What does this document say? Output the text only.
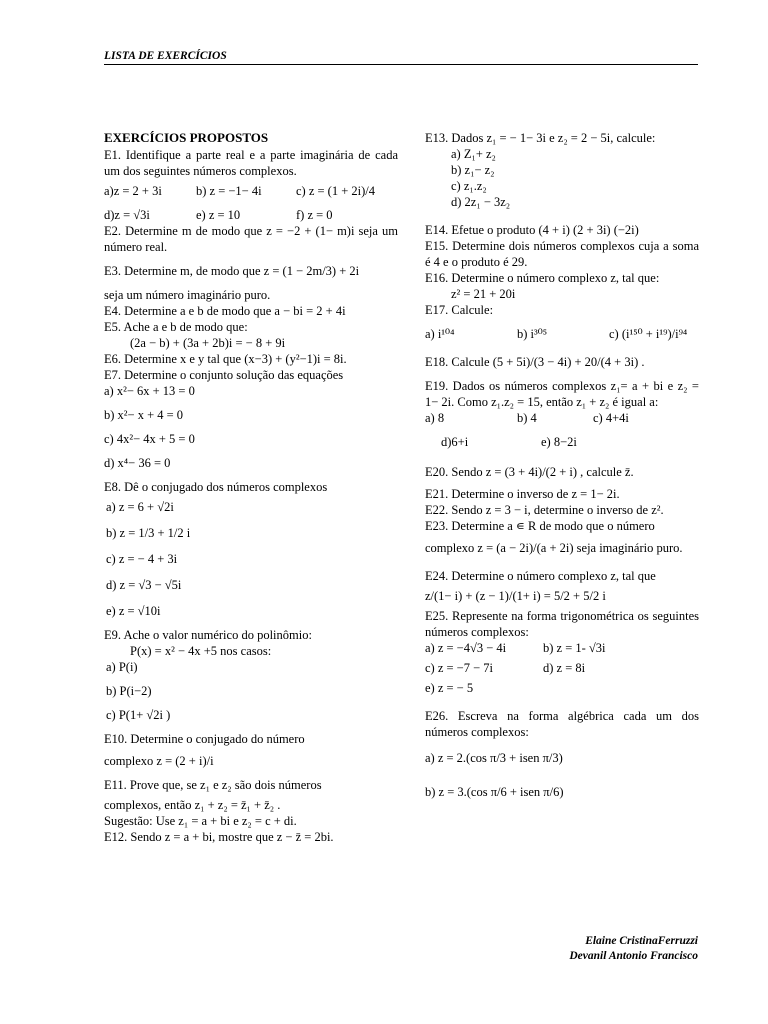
LISTA DE EXERCÍCIOS
EXERCÍCIOS PROPOSTOS
E1. Identifique a parte real e a parte imaginária de cada um dos seguintes números complexos.
a)z = 2 + 3i	b) z = −1− 4i	c) z = (1 + 2i)/4
d)z = √3i	e) z = 10	f) z = 0
E2. Determine m de modo que z = −2 + (1− m)i seja um número real.
E3. Determine m, de modo que z = (1 − 2m/3) + 2i
seja um número imaginário puro.
E4. Determine a e b de modo que a − bi = 2 + 4i
E5. Ache a e b de modo que:
(2a − b) + (3a + 2b)i = − 8 + 9i
E6. Determine x e y tal que (x−3) + (y²−1)i = 8i.
E7. Determine o conjunto solução das equações
a) x²− 6x + 13 = 0
b) x²− x + 4 = 0
c) 4x²− 4x + 5 = 0
d) x⁴− 36 = 0
E8. Dê o conjugado dos números complexos
a) z = 6 + √2i
b) z = 1/3 + 1/2 i
c) z = − 4 + 3i
d) z = √3 − √5i
e) z = √10i
E9. Ache o valor numérico do polinômio:
P(x) = x² − 4x +5 nos casos:
a) P(i)
b) P(i−2)
c) P(1+ √2i )
E10. Determine o conjugado do número
complexo z = (2 + i)/i
E11. Prove que, se z₁ e z₂ são dois números
complexos, então z₁ + z₂ = z̄₁ + z̄₂ .
Sugestão: Use z₁ = a + bi e z₂ = c + di.
E12. Sendo z = a + bi, mostre que z − z̄ = 2bi.
E13. Dados z₁ = − 1− 3i e z₂ = 2 − 5i, calcule:
a) Z₁+ z₂
b) z₁− z₂
c) z₁.z₂
d) 2z₁ − 3z₂
E14. Efetue o produto (4 + i) (2 + 3i) (−2i)
E15. Determine dois números complexos cuja a soma é 4 e o produto é 29.
E16. Determine o número complexo z, tal que:
z² = 21 + 20i
E17. Calcule:
a) i¹⁰⁴	b) i³⁰⁵	c) (i¹⁵⁰ + i¹⁹)/i⁹⁴
E18. Calcule (5 + 5i)/(3 − 4i) + 20/(4 + 3i) .
E19. Dados os números complexos z₁= a + bi e z₂ = 1− 2i. Como z₁.z₂ = 15, então z₁ + z₂ é igual a:
a) 8	b) 4	c) 4+4i
d)6+i	e) 8−2i
E20. Sendo z = (3 + 4i)/(2 + i) , calcule z̄.
E21. Determine o inverso de z = 1− 2i.
E22. Sendo z = 3 − i, determine o inverso de z².
E23. Determine a ∊ R de modo que o número
complexo z = (a − 2i)/(a + 2i) seja imaginário puro.
E24. Determine o número complexo z, tal que
z/(1− i) + (z − 1)/(1+ i) = 5/2 + 5/2 i
E25. Represente na forma trigonométrica os seguintes números complexos:
a) z = −4√3 − 4i	b) z = 1- √3i
c) z = −7 − 7i	d) z = 8i
e) z = − 5
E26. Escreva na forma algébrica cada um dos números complexos:
a) z = 2.(cos π/3 + isen π/3)
b) z = 3.(cos π/6 + isen π/6)
Elaine CristinaFerruzzi
Devanil Antonio Francisco
